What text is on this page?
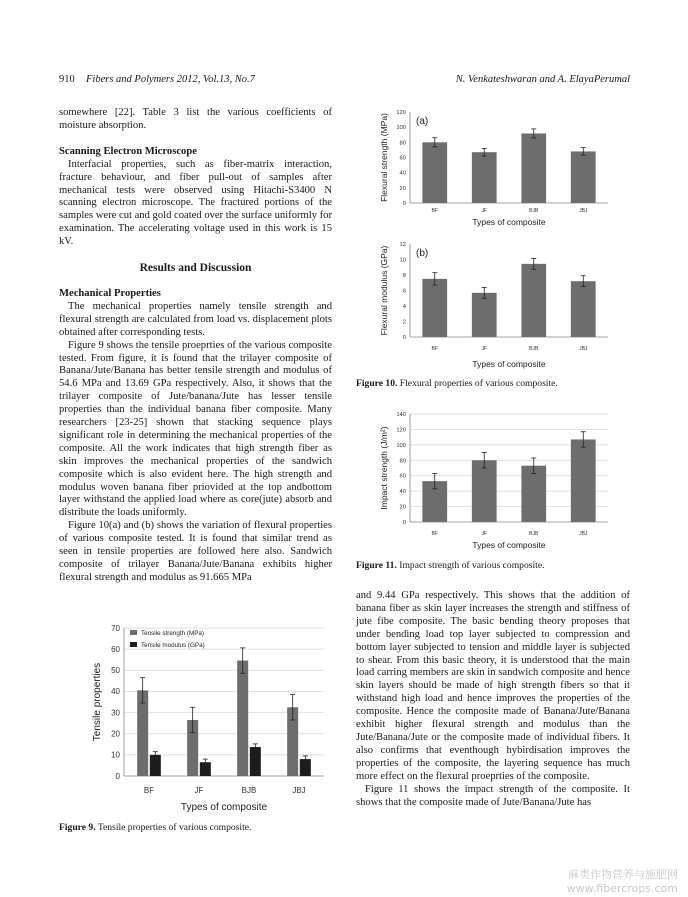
910 Fibers and Polymers 2012, Vol.13, No.7	N. Venkateshwaran and A. ElayaPerumal

somewhere [22]. Table 3 list the various coefficients of moisture absorption.

Scanning Electron Microscope

Interfacial properties, such as fiber-matrix interaction, fracture behaviour, and fiber pull-out of samples after mechanical tests were observed using Hitachi-S3400 N scanning electron microscope. The fractured portions of the samples were cut and gold coated over the surface uniformly for examination. The accelerating voltage used in this work is 15 kV.

Results and Discussion

Mechanical Properties

The mechanical properties namely tensile strength and flexural strength are calculated from load vs. displacement plots obtained after corresponding tests.

Figure 9 shows the tensile proeprties of the various composite tested. From figure, it is found that the trilayer composite of Banana/Jute/Banana has better tensile strength and modulus of 54.6 MPa and 13.69 GPa respectively. Also, it shows that the trilayer composite of Jute/banana/Jute has lesser tensile properties than the individual banana fiber composite. Many researchers [23-25] shown that stacking sequence plays significant role in determining the mechanical properties of the composite. All the work indicates that high strength fiber as skin improves the mechanical properties of the sandwich composite which is also evident here. The high strength and modulus woven banana fiber priovided at the top andbottom layer withstand the applied load where as core(jute) absorb and distribute the loads uniformly.

Figure 10(a) and (b) shows the variation of flexural properties of various composite tested. It is found that similar trend as seen in tensile properties are followed here also. Sandwich composite of trilayer Banana/Jute/Banana exhibits higher flexural strength and modulus as 91.665 MPa

and 9.44 GPa respectively. This shows that the addition of banana fiber as skin layer increases the strength and stiffness of jute fibe composite. The basic bending theory proposes that under bending load top layer subjected to compression and bottom layer subjected to tension and middle layer is subjected to shear. From this basic theory, it is understood that the main load carring members are skin in sandwich composite and hence skin layers should be made of high strength fibers so that it withstand high load and hence improves the properties of the composite. Hence the composite made of Banana/Jute/Banana exhibit higher flexural strength and modulus than the Jute/Banana/Jute or the composite made of individual fibers. It also confirms that eventhough hybirdisation improves the properties of the composite, the layering sequence has much more effect on the flexural proeprties of the composite.

Figure 11 shows the impact strength of the composite. It shows that the composite made of Jute/Banana/Jute has

0
20
40
60
80
100
120
BF	JF	BJB	JBJ
Types of composite
Flexural strength (MPa)	(a)
0
2
4
6
8
10
12
BF	JF	BJB	JBJ
Types of composite
Flexural modulus (GPa)	(b)
0
20
40
60
80
100
120
140
BF	JF	BJB	JBJ
Types of composite
Impact strength (J/m²)
0
10
20
30
40
50
60
70
BF	JF	BJB	JBJ
Types of composite
Tensile properties
Tensile strength (MPa)
Tensile modulus (GPa)
Figure 10. Flexural properties of various composite.
Figure 11. Impact strength of various composite.
Figure 9. Tensile properties of various composite.
麻类作物营养与施肥网
www.fibercrops.com
